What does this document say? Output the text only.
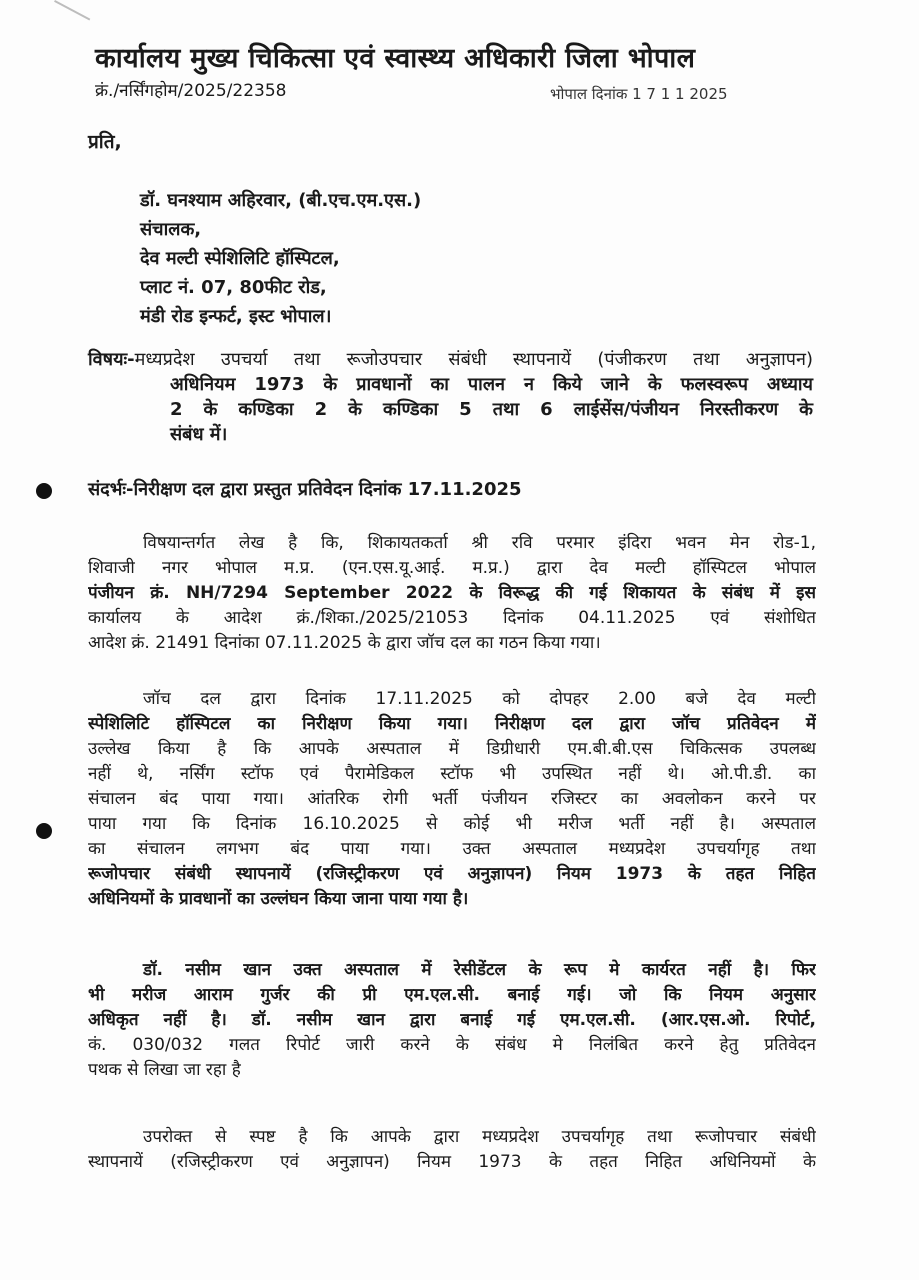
कार्यालय मुख्य चिकित्सा एवं स्वास्थ्य अधिकारी जिला भोपाल
क्रं./नर्सिंगहोम/2025/22358	भोपाल दिनांक 1 7 1 1 2025
प्रति,
डॉ. घनश्याम अहिरवार, (बी.एच.एम.एस.)
संचालक,
देव मल्टी स्पेशिलिटि हॉस्पिटल,
प्लाट नं. 07, 80फीट रोड,
मंडी रोड इन्फर्ट, इस्ट भोपाल।
विषयः-मध्यप्रदेश उपचर्या तथा रूजोउपचार संबंधी स्थापनायें (पंजीकरण तथा अनुज्ञापन)
अधिनियम 1973 के प्रावधानों का पालन न किये जाने के फलस्वरूप अध्याय
2 के कण्डिका 2 के कण्डिका 5 तथा 6 लाईसेंस/पंजीयन निरस्तीकरण के
संबंध में।
संदर्भः-निरीक्षण दल द्वारा प्रस्तुत प्रतिवेदन दिनांक 17.11.2025
विषयान्तर्गत लेख है कि, शिकायतकर्ता श्री रवि परमार इंदिरा भवन मेन रोड-1,
शिवाजी नगर भोपाल म.प्र. (एन.एस.यू.आई. म.प्र.) द्वारा देव मल्टी हॉस्पिटल भोपाल
पंजीयन क्रं. NH/7294 September 2022 के विरूद्ध की गई शिकायत के संबंध में इस
कार्यालय के आदेश क्रं./शिका./2025/21053 दिनांक 04.11.2025 एवं संशोधित
आदेश क्रं. 21491 दिनांका 07.11.2025 के द्वारा जॉच दल का गठन किया गया।
जॉच दल द्वारा दिनांक 17.11.2025 को दोपहर 2.00 बजे देव मल्टी
स्पेशिलिटि हॉस्पिटल का निरीक्षण किया गया। निरीक्षण दल द्वारा जॉच प्रतिवेदन में
उल्लेख किया है कि आपके अस्पताल में डिग्रीधारी एम.बी.बी.एस चिकित्सक उपलब्ध
नहीं थे, नर्सिंग स्टॉफ एवं पैरामेडिकल स्टॉफ भी उपस्थित नहीं थे। ओ.पी.डी. का
संचालन बंद पाया गया। आंतरिक रोगी भर्ती पंजीयन रजिस्टर का अवलोकन करने पर
पाया गया कि दिनांक 16.10.2025 से कोई भी मरीज भर्ती नहीं है। अस्पताल
का संचालन लगभग बंद पाया गया। उक्त अस्पताल मध्यप्रदेश उपचर्यागृह तथा
रूजोपचार संबंधी स्थापनायें (रजिस्ट्रीकरण एवं अनुज्ञापन) नियम 1973 के तहत निहित
अधिनियमों के प्रावधानों का उल्लंघन किया जाना पाया गया है।
डॉ. नसीम खान उक्त अस्पताल में रेसीडेंटल के रूप मे कार्यरत नहीं है। फिर
भी मरीज आराम गुर्जर की प्री एम.एल.सी. बनाई गई। जो कि नियम अनुसार
अधिकृत नहीं है। डॉ. नसीम खान द्वारा बनाई गई एम.एल.सी. (आर.एस.ओ. रिपोर्ट,
कं. 030/032 गलत रिपोर्ट जारी करने के संबंध मे निलंबित करने हेतु प्रतिवेदन
पथक से लिखा जा रहा है
उपरोक्त से स्पष्ट है कि आपके द्वारा मध्यप्रदेश उपचर्यागृह तथा रूजोपचार संबंधी
स्थापनायें (रजिस्ट्रीकरण एवं अनुज्ञापन) नियम 1973 के तहत निहित अधिनियमों के
